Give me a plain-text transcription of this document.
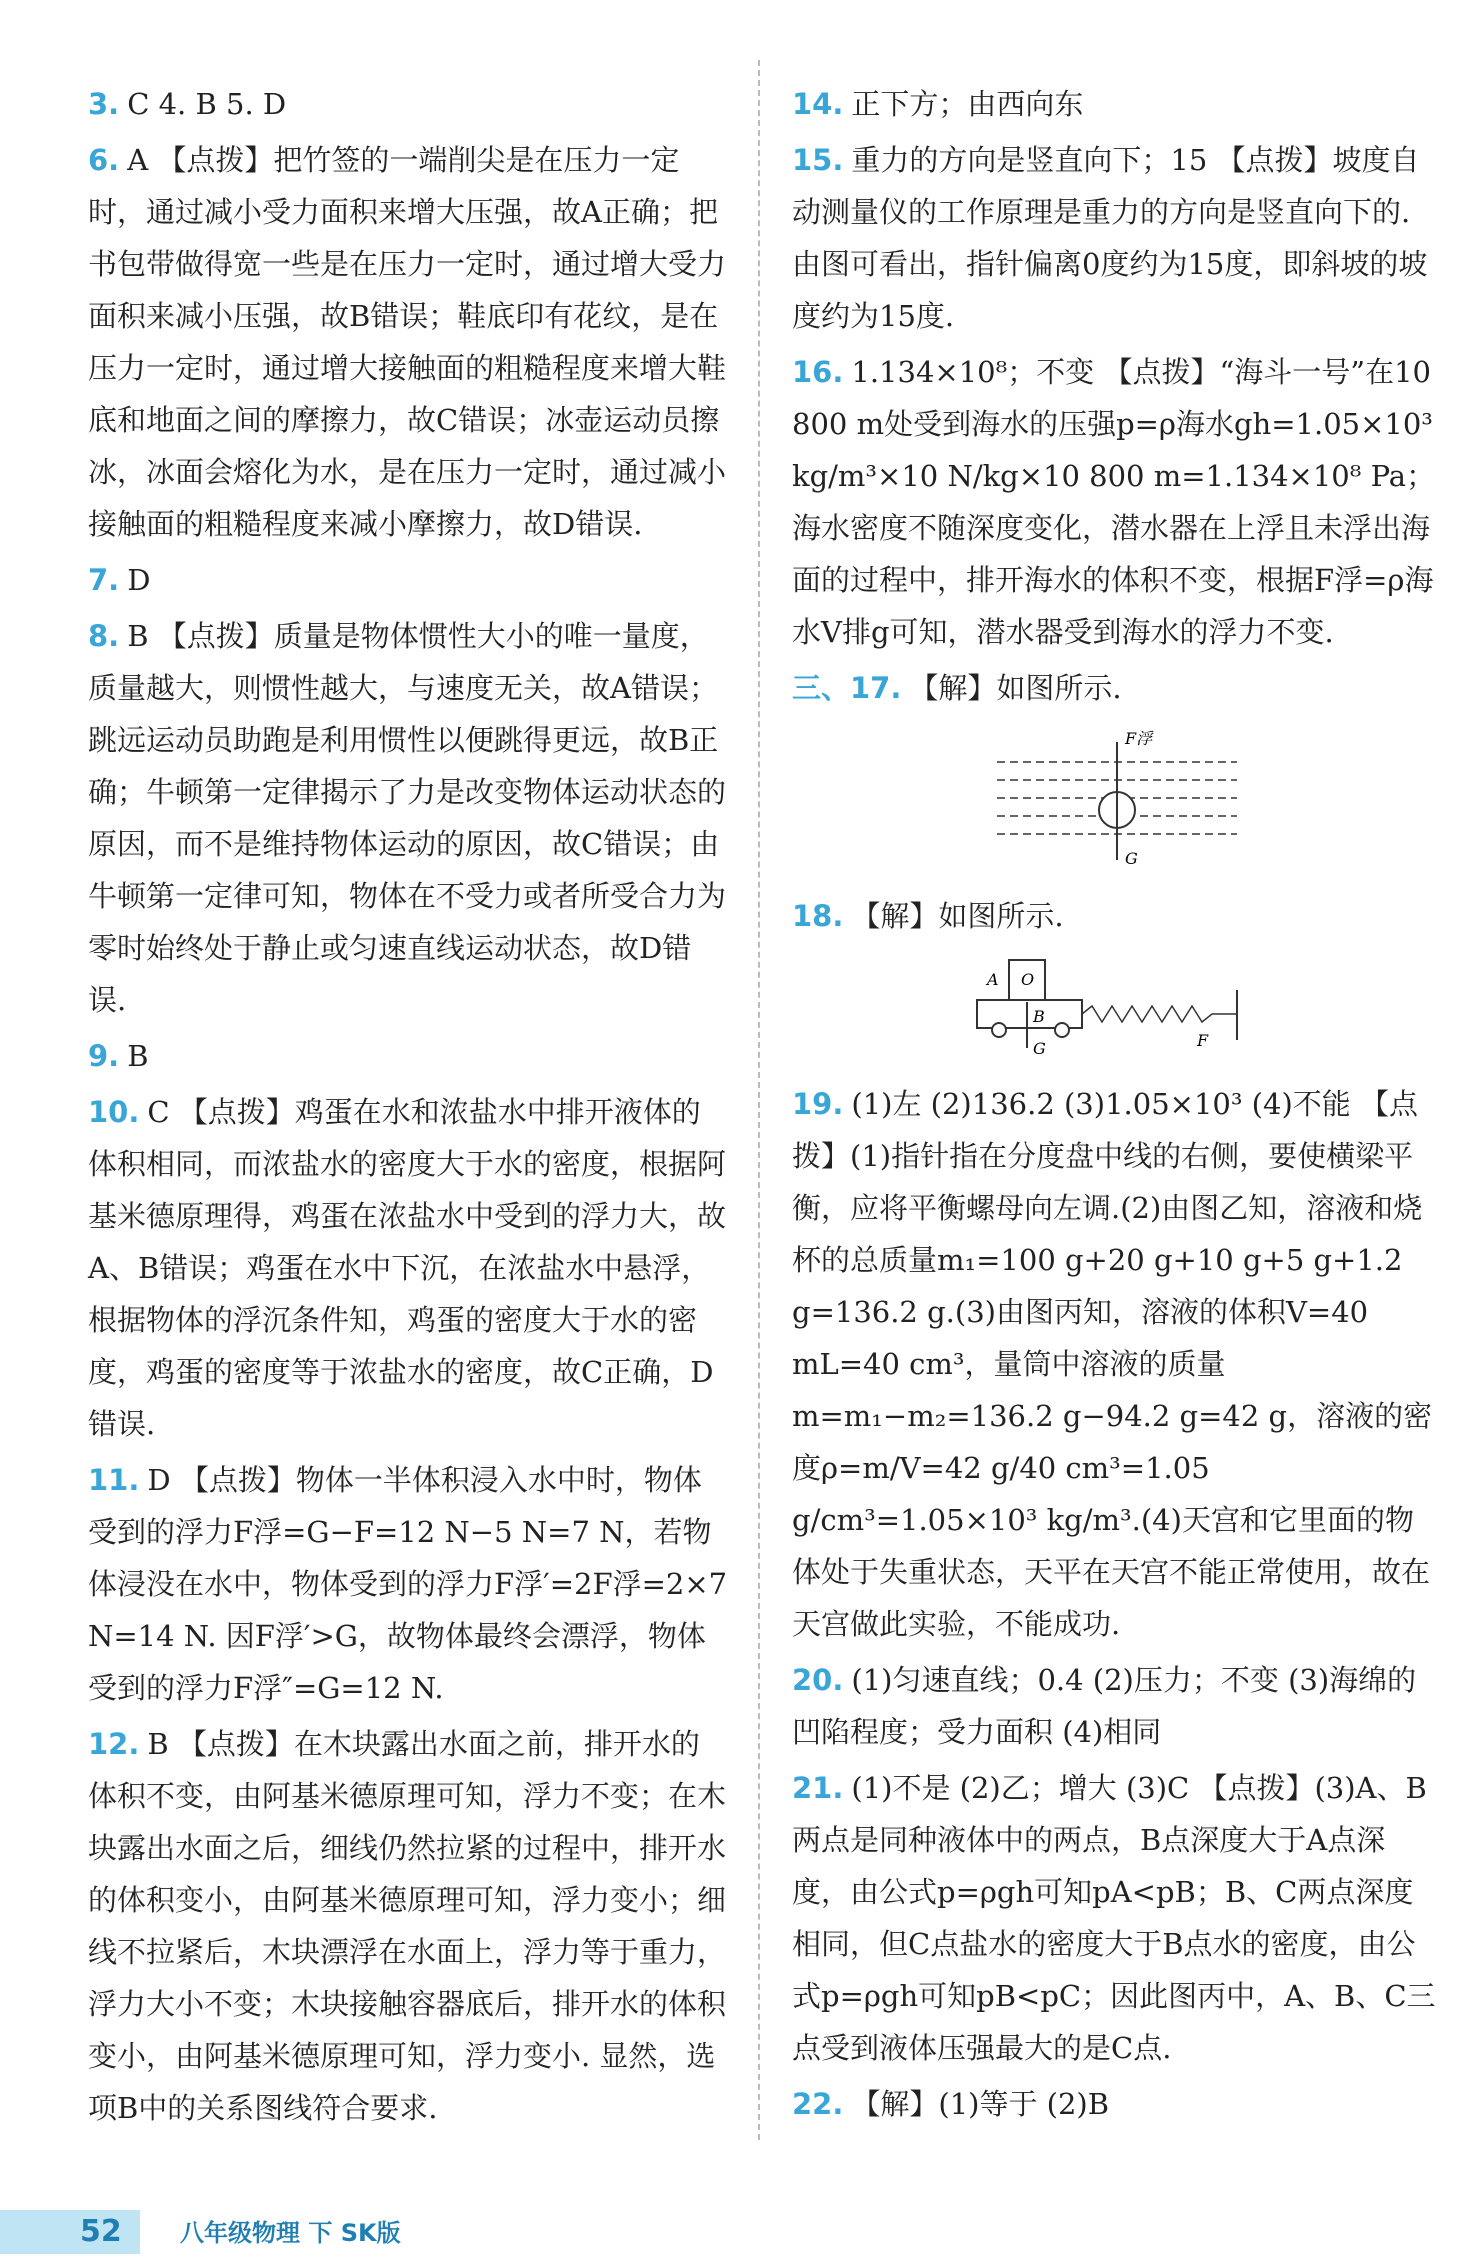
3. C 4. B 5. D
6. A 【点拨】把竹签的一端削尖是在压力一定时，通过减小受力面积来增大压强，故A正确；把书包带做得宽一些是在压力一定时，通过增大受力面积来减小压强，故B错误；鞋底印有花纹，是在压力一定时，通过增大接触面的粗糙程度来增大鞋底和地面之间的摩擦力，故C错误；冰壶运动员擦冰，冰面会熔化为水，是在压力一定时，通过减小接触面的粗糙程度来减小摩擦力，故D错误.
7. D
8. B 【点拨】质量是物体惯性大小的唯一量度，质量越大，则惯性越大，与速度无关，故A错误；跳远运动员助跑是利用惯性以便跳得更远，故B正确；牛顿第一定律揭示了力是改变物体运动状态的原因，而不是维持物体运动的原因，故C错误；由牛顿第一定律可知，物体在不受力或者所受合力为零时始终处于静止或匀速直线运动状态，故D错误.
9. B
10. C 【点拨】鸡蛋在水和浓盐水中排开液体的体积相同，而浓盐水的密度大于水的密度，根据阿基米德原理得，鸡蛋在浓盐水中受到的浮力大，故A、B错误；鸡蛋在水中下沉，在浓盐水中悬浮，根据物体的浮沉条件知，鸡蛋的密度大于水的密度，鸡蛋的密度等于浓盐水的密度，故C正确，D错误.
11. D 【点拨】物体一半体积浸入水中时，物体受到的浮力F浮=G−F=12 N−5 N=7 N，若物体浸没在水中，物体受到的浮力F浮′=2F浮=2×7 N=14 N. 因F浮′>G，故物体最终会漂浮，物体受到的浮力F浮″=G=12 N.
12. B 【点拨】在木块露出水面之前，排开水的体积不变，由阿基米德原理可知，浮力不变；在木块露出水面之后，细线仍然拉紧的过程中，排开水的体积变小，由阿基米德原理可知，浮力变小；细线不拉紧后，木块漂浮在水面上，浮力等于重力，浮力大小不变；木块接触容器底后，排开水的体积变小，由阿基米德原理可知，浮力变小. 显然，选项B中的关系图线符合要求.
14. 正下方；由西向东
15. 重力的方向是竖直向下；15 【点拨】坡度自动测量仪的工作原理是重力的方向是竖直向下的. 由图可看出，指针偏离0度约为15度，即斜坡的坡度约为15度.
16. 1.134×10⁸；不变 【点拨】“海斗一号”在10 800 m处受到海水的压强p=ρ海水gh=1.05×10³ kg/m³×10 N/kg×10 800 m=1.134×10⁸ Pa；海水密度不随深度变化，潜水器在上浮且未浮出海面的过程中，排开海水的体积不变，根据F浮=ρ海水V排g可知，潜水器受到海水的浮力不变.
三、17. 【解】如图所示.
F浮
G
18. 【解】如图所示.
A O
B
G	F
19. (1)左 (2)136.2 (3)1.05×10³ (4)不能 【点拨】(1)指针指在分度盘中线的右侧，要使横梁平衡，应将平衡螺母向左调.(2)由图乙知，溶液和烧杯的总质量m₁=100 g+20 g+10 g+5 g+1.2 g=136.2 g.(3)由图丙知，溶液的体积V=40 mL=40 cm³，量筒中溶液的质量m=m₁−m₂=136.2 g−94.2 g=42 g，溶液的密度ρ=m/V=42 g/40 cm³=1.05 g/cm³=1.05×10³ kg/m³.(4)天宫和它里面的物体处于失重状态，天平在天宫不能正常使用，故在天宫做此实验，不能成功.
20. (1)匀速直线；0.4 (2)压力；不变 (3)海绵的凹陷程度；受力面积 (4)相同
21. (1)不是 (2)乙；增大 (3)C 【点拨】(3)A、B两点是同种液体中的两点，B点深度大于A点深度，由公式p=ρgh可知pA<pB；B、C两点深度相同，但C点盐水的密度大于B点水的密度，由公式p=ρgh可知pB<pC；因此图丙中，A、B、C三点受到液体压强最大的是C点.
22. 【解】(1)等于 (2)B
52	八年级物理 下 SK版
